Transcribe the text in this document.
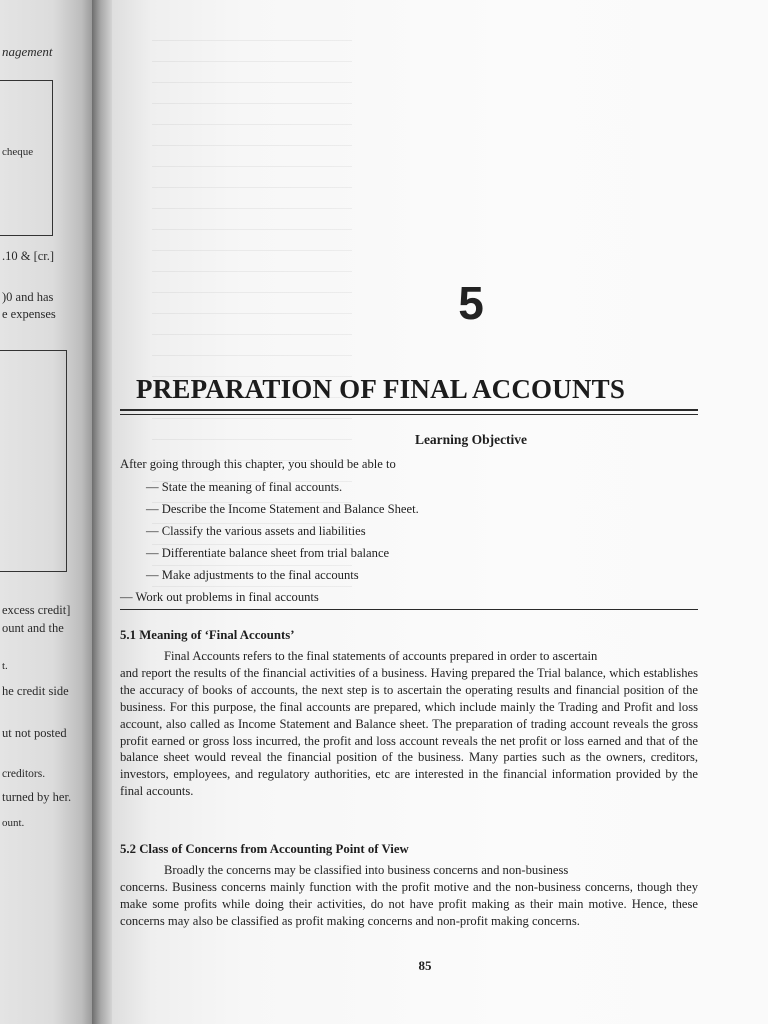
nagement
cheque
.10 & [cr.]
)0 and has
e expenses
excess credit]
ount and the
t.
he credit side
ut not posted
creditors.
turned by her.
ount.
5
PREPARATION OF FINAL ACCOUNTS
Learning Objective
After going through this chapter, you should be able to
— State the meaning of final accounts.
— Describe the Income Statement and Balance Sheet.
— Classify the various assets and liabilities
— Differentiate balance sheet from trial balance
— Make adjustments to the final accounts
— Work out problems in final accounts
5.1 Meaning of ‘Final Accounts’
Final Accounts refers to the final statements of accounts prepared in order to ascertain
and report the results of the financial activities of a business. Having prepared the Trial balance, which establishes the accuracy of books of accounts, the next step is to ascertain the operating results and financial position of the business. For this purpose, the final accounts are prepared, which include mainly the Trading and Profit and loss account, also called as Income Statement and Balance sheet. The preparation of trading account reveals the gross profit earned or gross loss incurred, the profit and loss account reveals the net profit or loss earned and that of the balance sheet would reveal the financial position of the business. Many parties such as the owners, creditors, investors, employees, and regulatory authorities, etc are interested in the financial information provided by the final accounts.
5.2 Class of Concerns from Accounting Point of View
Broadly the concerns may be classified into business concerns and non-business
concerns. Business concerns mainly function with the profit motive and the non-business concerns, though they make some profits while doing their activities, do not have profit making as their main motive. Hence, these concerns may also be classified as profit making concerns and non-profit making concerns.
85
